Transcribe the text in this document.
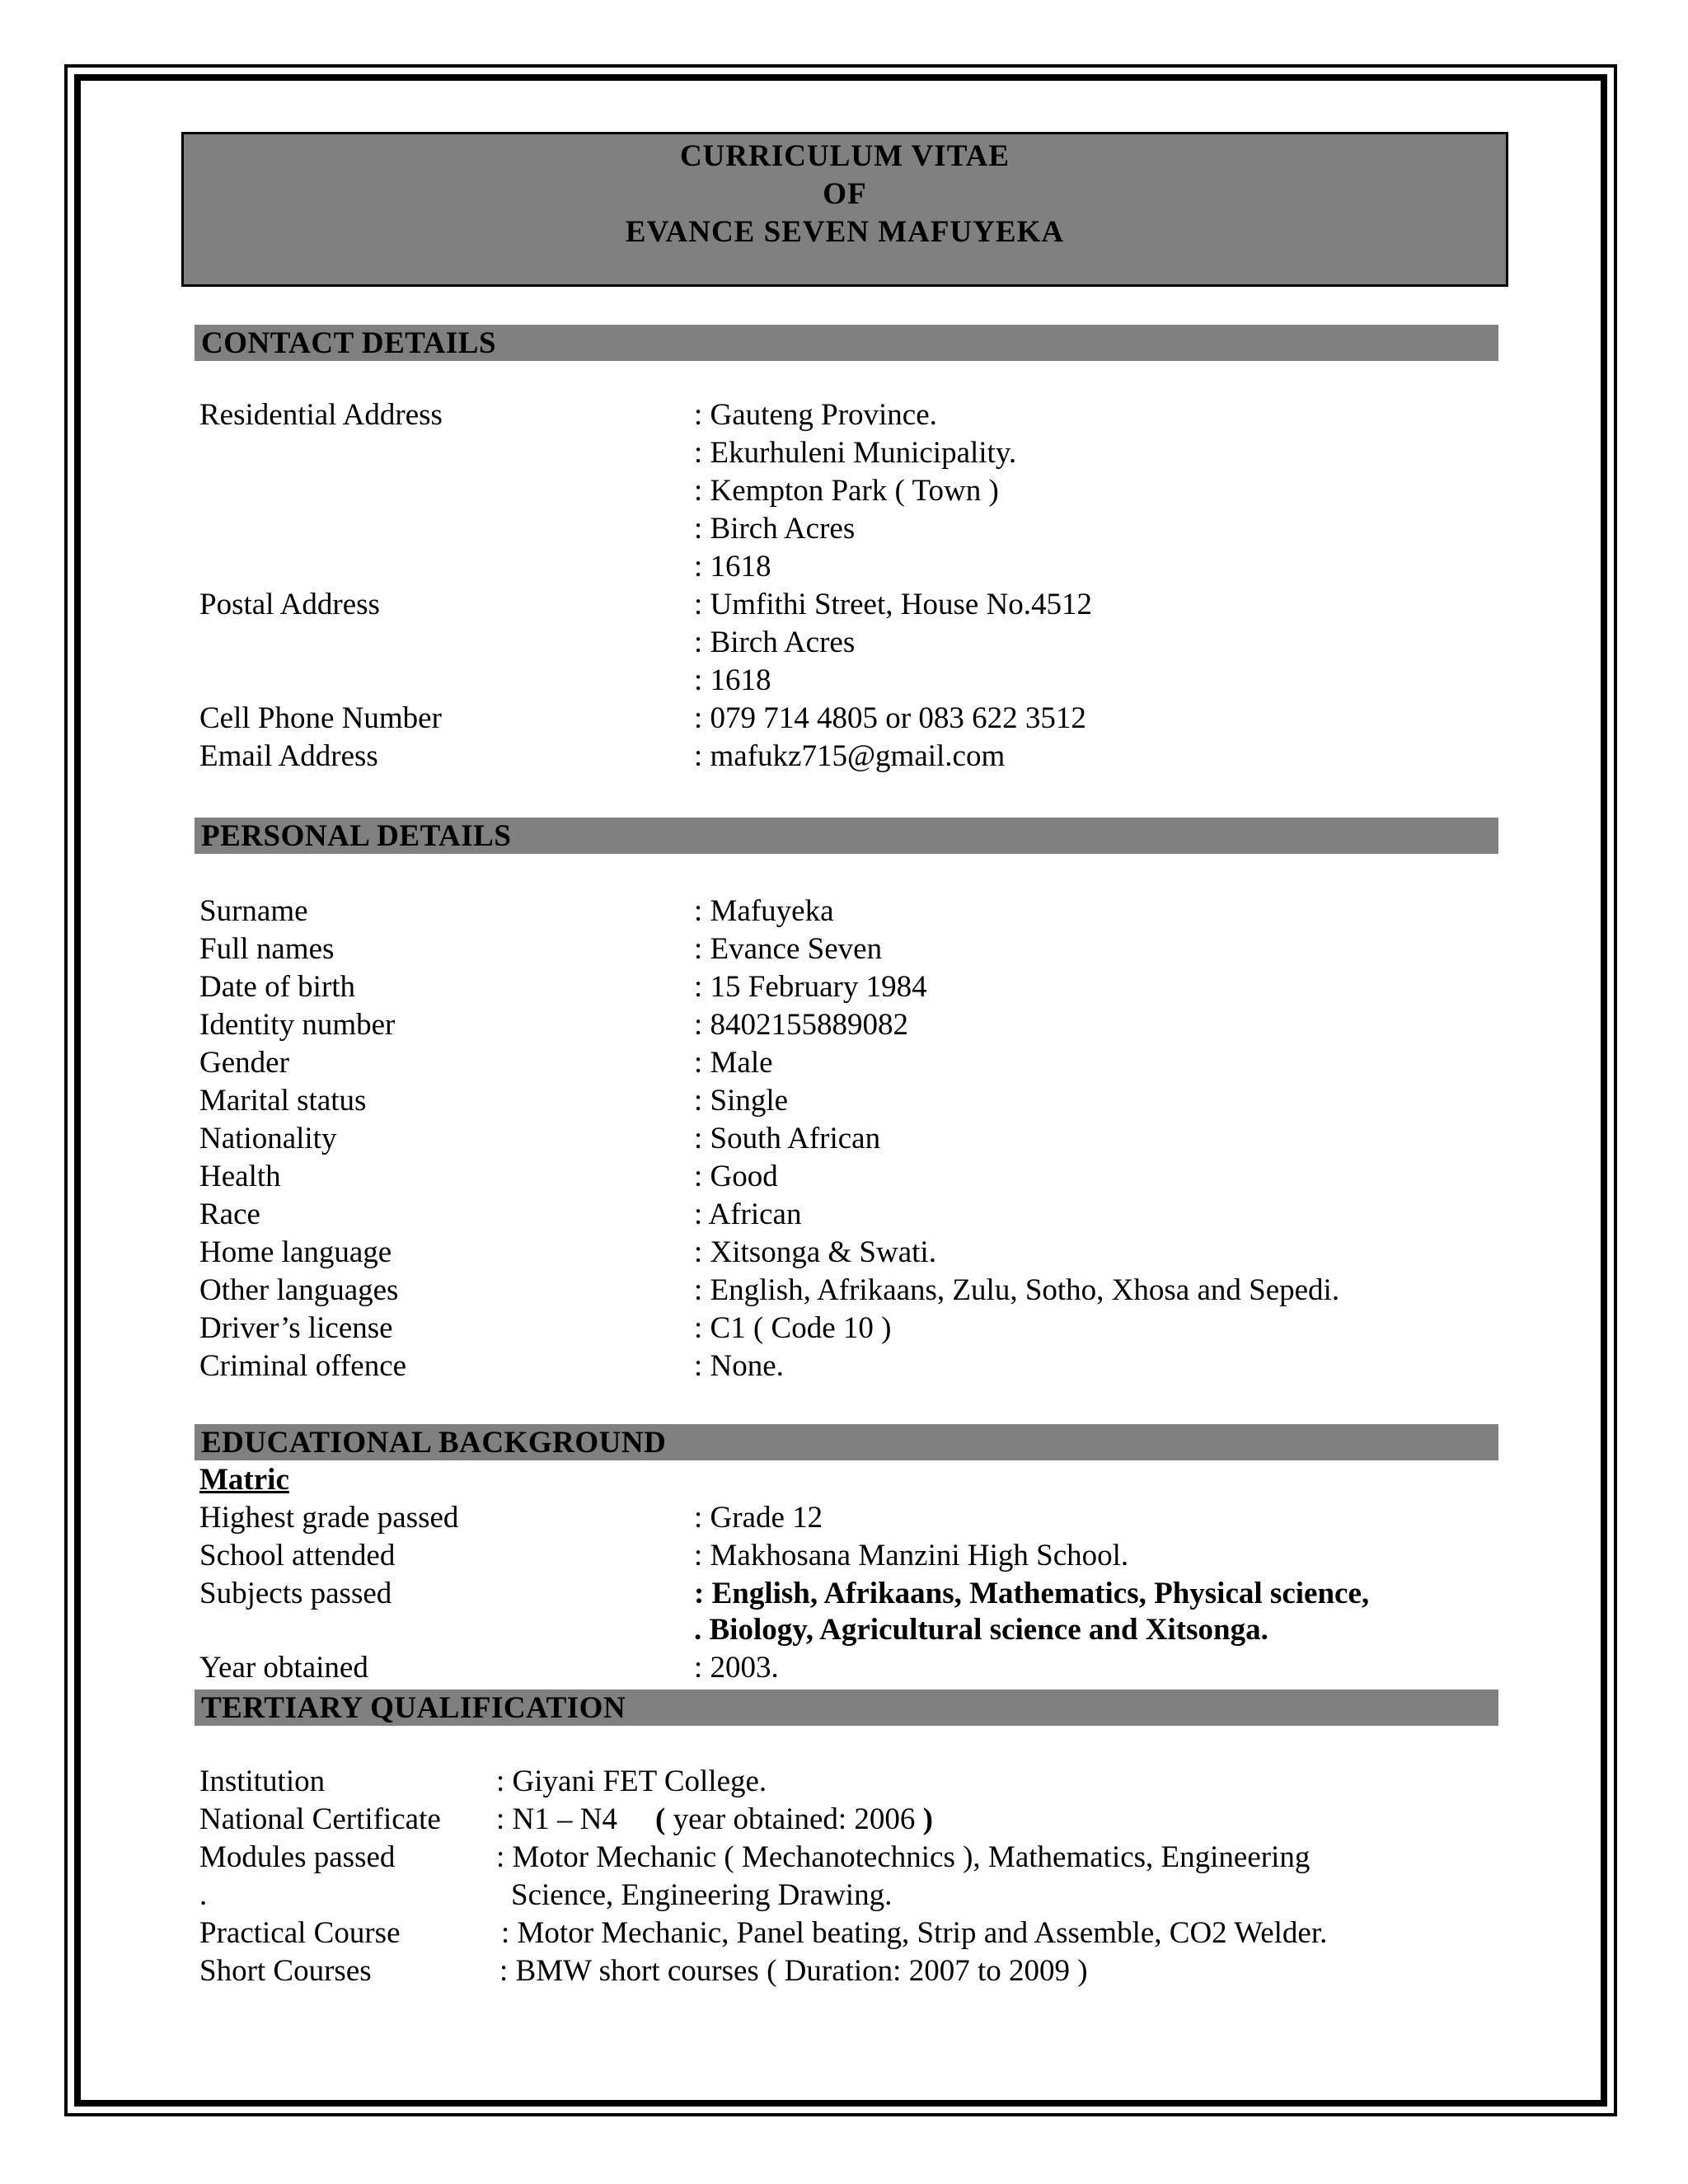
CURRICULUM VITAE
OF
EVANCE SEVEN MAFUYEKA
CONTACT DETAILS
Residential Address	: Gauteng Province.
: Ekurhuleni Municipality.
: Kempton Park ( Town )
: Birch Acres
: 1618
Postal Address	: Umfithi Street, House No.4512
: Birch Acres
: 1618
Cell Phone Number	: 079 714 4805 or 083 622 3512
Email Address	: mafukz715@gmail.com
PERSONAL DETAILS
Surname	: Mafuyeka
Full names	: Evance Seven
Date of birth	: 15 February 1984
Identity number	: 8402155889082
Gender	: Male
Marital status	: Single
Nationality	: South African
Health	: Good
Race	: African
Home language	: Xitsonga & Swati.
Other languages	: English, Afrikaans, Zulu, Sotho, Xhosa and Sepedi.
Driver’s license	: C1 ( Code 10 )
Criminal offence	: None.
EDUCATIONAL BACKGROUND
Matric
Highest grade passed	: Grade 12
School attended	: Makhosana Manzini High School.
Subjects passed	: English, Afrikaans, Mathematics, Physical science,
. Biology, Agricultural science and Xitsonga.
Year obtained	: 2003.
TERTIARY QUALIFICATION
Institution	: Giyani FET College.
National Certificate : N1 – N4 ( year obtained: 2006 )
Modules passed	: Motor Mechanic ( Mechanotechnics ), Mathematics, Engineering
.	Science, Engineering Drawing.
Practical Course	: Motor Mechanic, Panel beating, Strip and Assemble, CO2 Welder.
Short Courses	: BMW short courses ( Duration: 2007 to 2009 )
